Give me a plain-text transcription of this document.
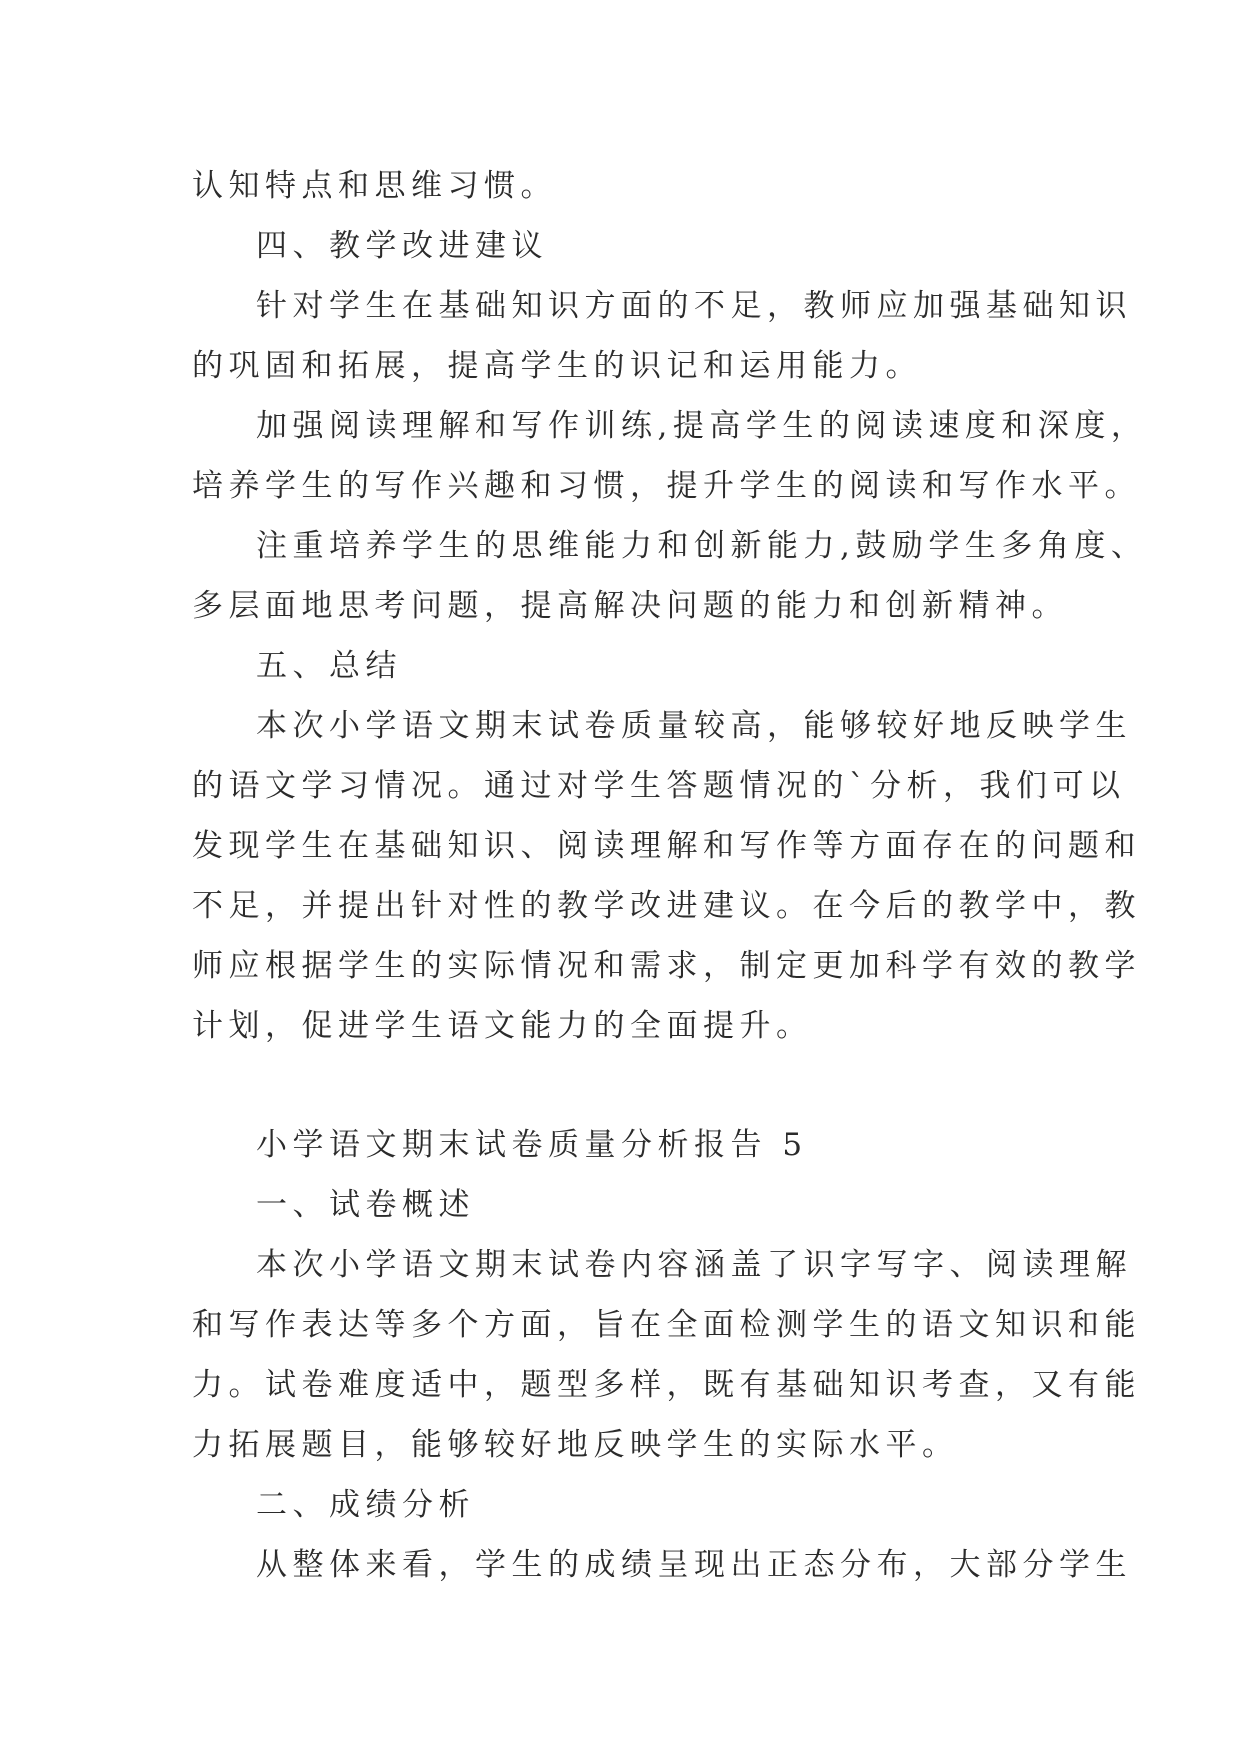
认知特点和思维习惯。
四、教学改进建议
针对学生在基础知识方面的不足，教师应加强基础知识
的巩固和拓展，提高学生的识记和运用能力。
加强阅读理解和写作训练,提高学生的阅读速度和深度，
培养学生的写作兴趣和习惯，提升学生的阅读和写作水平。
注重培养学生的思维能力和创新能力,鼓励学生多角度、
多层面地思考问题，提高解决问题的能力和创新精神。
五、总结
本次小学语文期末试卷质量较高，能够较好地反映学生
的语文学习情况。通过对学生答题情况的`分析，我们可以
发现学生在基础知识、阅读理解和写作等方面存在的问题和
不足，并提出针对性的教学改进建议。在今后的教学中，教
师应根据学生的实际情况和需求，制定更加科学有效的教学
计划，促进学生语文能力的全面提升。
小学语文期末试卷质量分析报告 5
一、试卷概述
本次小学语文期末试卷内容涵盖了识字写字、阅读理解
和写作表达等多个方面，旨在全面检测学生的语文知识和能
力。试卷难度适中，题型多样，既有基础知识考查，又有能
力拓展题目，能够较好地反映学生的实际水平。
二、成绩分析
从整体来看，学生的成绩呈现出正态分布，大部分学生
